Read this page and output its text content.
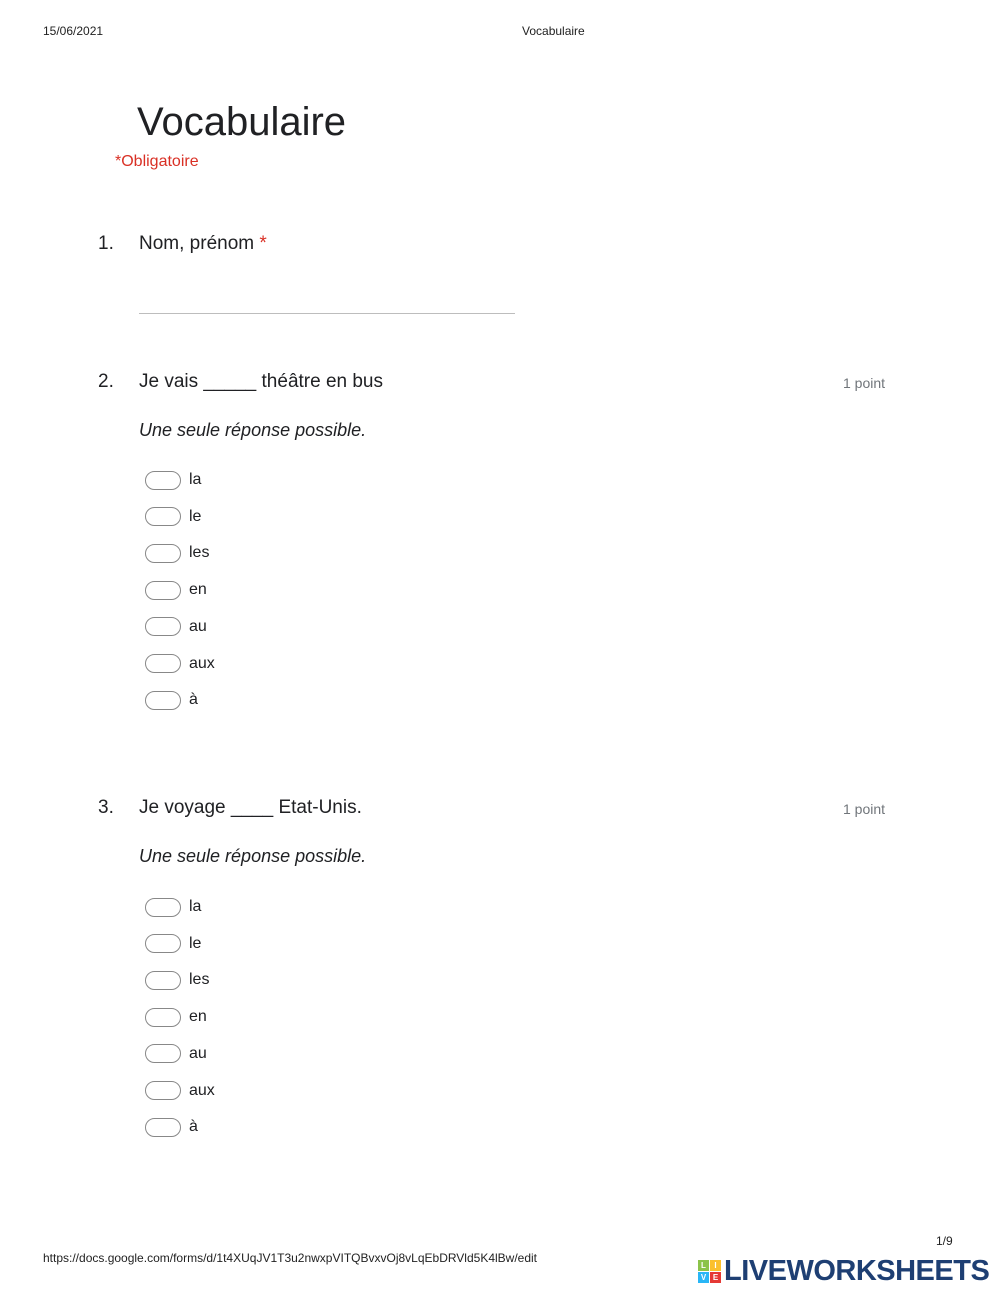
15/06/2021	Vocabulaire
Vocabulaire
*Obligatoire
1. Nom, prénom *
2. Je vais _____ théâtre en bus	1 point
Une seule réponse possible.
la
le
les
en
au
aux
à
3. Je voyage ____ Etat-Unis.	1 point
Une seule réponse possible.
la
le
les
en
au
aux
à
https://docs.google.com/forms/d/1t4XUqJV1T3u2nwxpVITQBvxvOj8vLqEbDRVld5K4lBw/edit
1/9
L	I
V E LIVEWORKSHEETS
